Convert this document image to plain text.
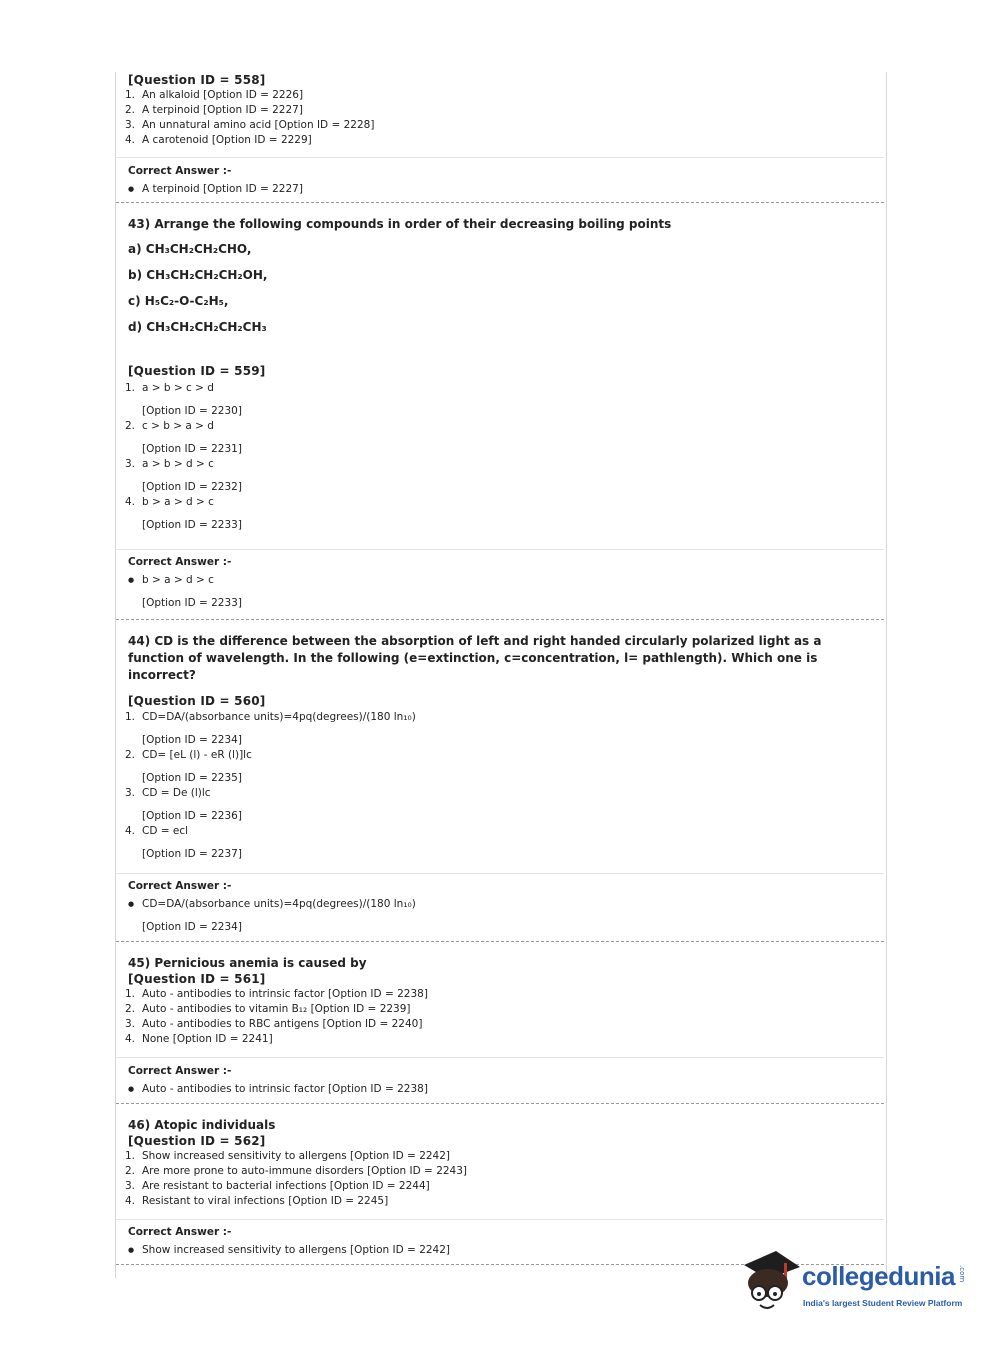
[Question ID = 558]
1. An alkaloid [Option ID = 2226]
2. A terpinoid [Option ID = 2227]
3. An unnatural amino acid [Option ID = 2228]
4. A carotenoid [Option ID = 2229]
Correct Answer :-
● A terpinoid [Option ID = 2227]
43) Arrange the following compounds in order of their decreasing boiling points
a) CH₃CH₂CH₂CHO,
b) CH₃CH₂CH₂CH₂OH,
c) H₅C₂-O-C₂H₅,
d) CH₃CH₂CH₂CH₂CH₃
[Question ID = 559]
1. a > b > c > d
[Option ID = 2230]
2. c > b > a > d
[Option ID = 2231]
3. a > b > d > c
[Option ID = 2232]
4. b > a > d > c
[Option ID = 2233]
Correct Answer :-
● b > a > d > c
[Option ID = 2233]
44) CD is the difference between the absorption of left and right handed circularly polarized light as a function of wavelength. In the following (e=extinction, c=concentration, l= pathlength). Which one is incorrect?
[Question ID = 560]
1. CD=DA/(absorbance units)=4pq(degrees)/(180 ln₁₀)
[Option ID = 2234]
2. CD= [eL (l) - eR (l)]lc
[Option ID = 2235]
3. CD = De (l)lc
[Option ID = 2236]
4. CD = ecl
[Option ID = 2237]
Correct Answer :-
● CD=DA/(absorbance units)=4pq(degrees)/(180 ln₁₀)
[Option ID = 2234]
45) Pernicious anemia is caused by
[Question ID = 561]
1. Auto - antibodies to intrinsic factor [Option ID = 2238]
2. Auto - antibodies to vitamin B₁₂ [Option ID = 2239]
3. Auto - antibodies to RBC antigens [Option ID = 2240]
4. None [Option ID = 2241]
Correct Answer :-
● Auto - antibodies to intrinsic factor [Option ID = 2238]
46) Atopic individuals
[Question ID = 562]
1. Show increased sensitivity to allergens [Option ID = 2242]
2. Are more prone to auto-immune disorders [Option ID = 2243]
3. Are resistant to bacterial infections [Option ID = 2244]
4. Resistant to viral infections [Option ID = 2245]
Correct Answer :-
● Show increased sensitivity to allergens [Option ID = 2242]
collegedunia .com
India's largest Student Review Platform
